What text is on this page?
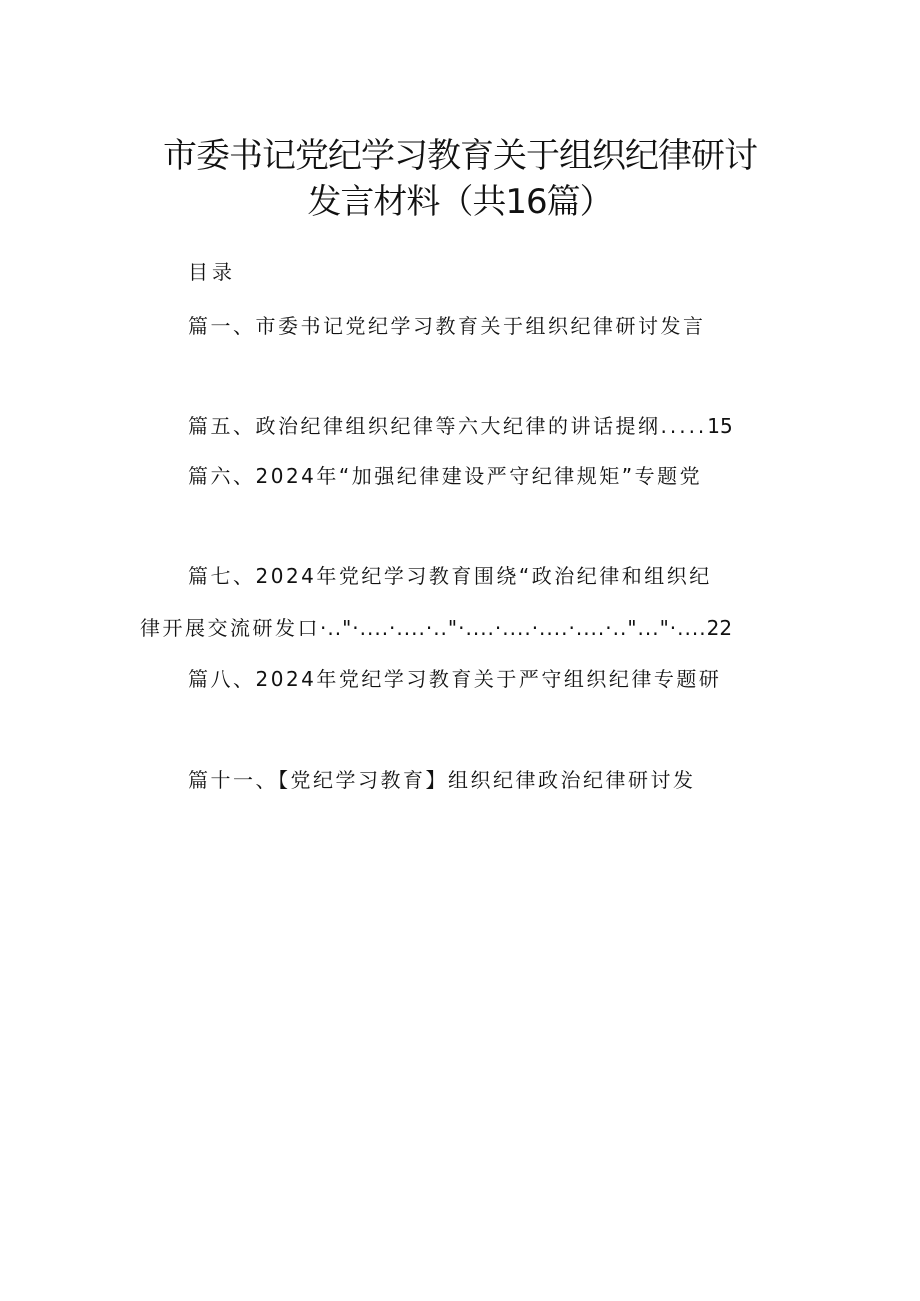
市委书记党纪学习教育关于组织纪律研讨
发言材料（共16篇）
目录
篇一、市委书记党纪学习教育关于组织纪律研讨发言
篇五、政治纪律组织纪律等六大纪律的讲话提纲.....15
篇六、2024年“加强纪律建设严守纪律规矩”专题党
篇七、2024年党纪学习教育围绕“政治纪律和组织纪
律开展交流研发口·.."·....·....·.."·....·....·....·....·.."..."·....22
篇八、2024年党纪学习教育关于严守组织纪律专题研
篇十一、【党纪学习教育】组织纪律政治纪律研讨发
